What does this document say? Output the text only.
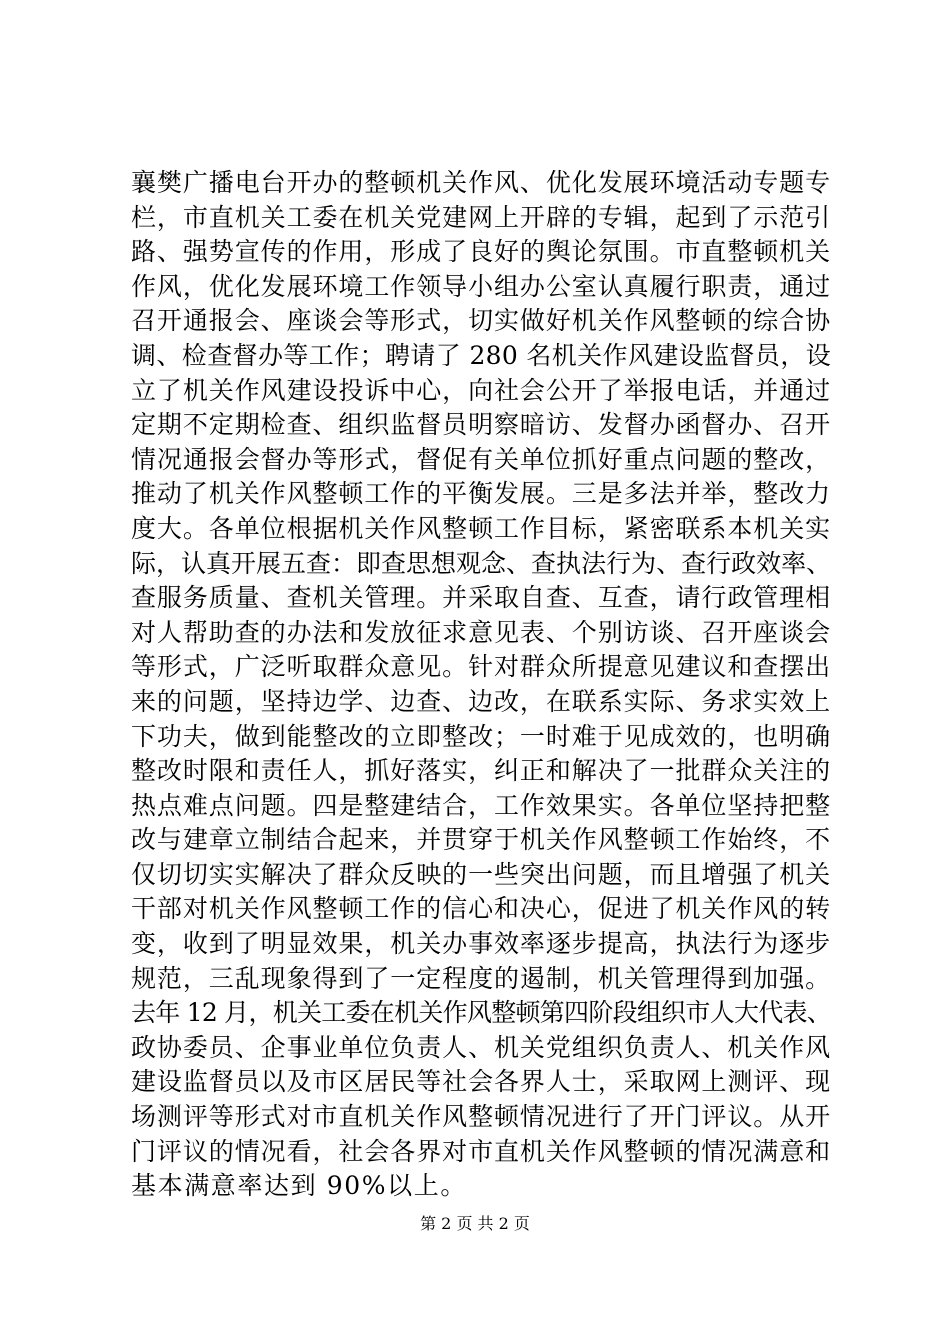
襄樊广播电台开办的整顿机关作风、优化发展环境活动专题专
栏，市直机关工委在机关党建网上开辟的专辑，起到了示范引
路、强势宣传的作用，形成了良好的舆论氛围。市直整顿机关
作风，优化发展环境工作领导小组办公室认真履行职责，通过
召开通报会、座谈会等形式，切实做好机关作风整顿的综合协
调、检查督办等工作；聘请了 280 名机关作风建设监督员，设
立了机关作风建设投诉中心，向社会公开了举报电话，并通过
定期不定期检查、组织监督员明察暗访、发督办函督办、召开
情况通报会督办等形式，督促有关单位抓好重点问题的整改，
推动了机关作风整顿工作的平衡发展。三是多法并举，整改力
度大。各单位根据机关作风整顿工作目标，紧密联系本机关实
际，认真开展五查：即查思想观念、查执法行为、查行政效率、
查服务质量、查机关管理。并采取自查、互查，请行政管理相
对人帮助查的办法和发放征求意见表、个别访谈、召开座谈会
等形式，广泛听取群众意见。针对群众所提意见建议和查摆出
来的问题，坚持边学、边查、边改，在联系实际、务求实效上
下功夫，做到能整改的立即整改；一时难于见成效的，也明确
整改时限和责任人，抓好落实，纠正和解决了一批群众关注的
热点难点问题。四是整建结合，工作效果实。各单位坚持把整
改与建章立制结合起来，并贯穿于机关作风整顿工作始终，不
仅切切实实解决了群众反映的一些突出问题，而且增强了机关
干部对机关作风整顿工作的信心和决心，促进了机关作风的转
变，收到了明显效果，机关办事效率逐步提高，执法行为逐步
规范，三乱现象得到了一定程度的遏制，机关管理得到加强。
去年 12 月，机关工委在机关作风整顿第四阶段组织市人大代表、
政协委员、企事业单位负责人、机关党组织负责人、机关作风
建设监督员以及市区居民等社会各界人士，采取网上测评、现
场测评等形式对市直机关作风整顿情况进行了开门评议。从开
门评议的情况看，社会各界对市直机关作风整顿的情况满意和
基本满意率达到 90%以上。
第 2 页 共 2 页
